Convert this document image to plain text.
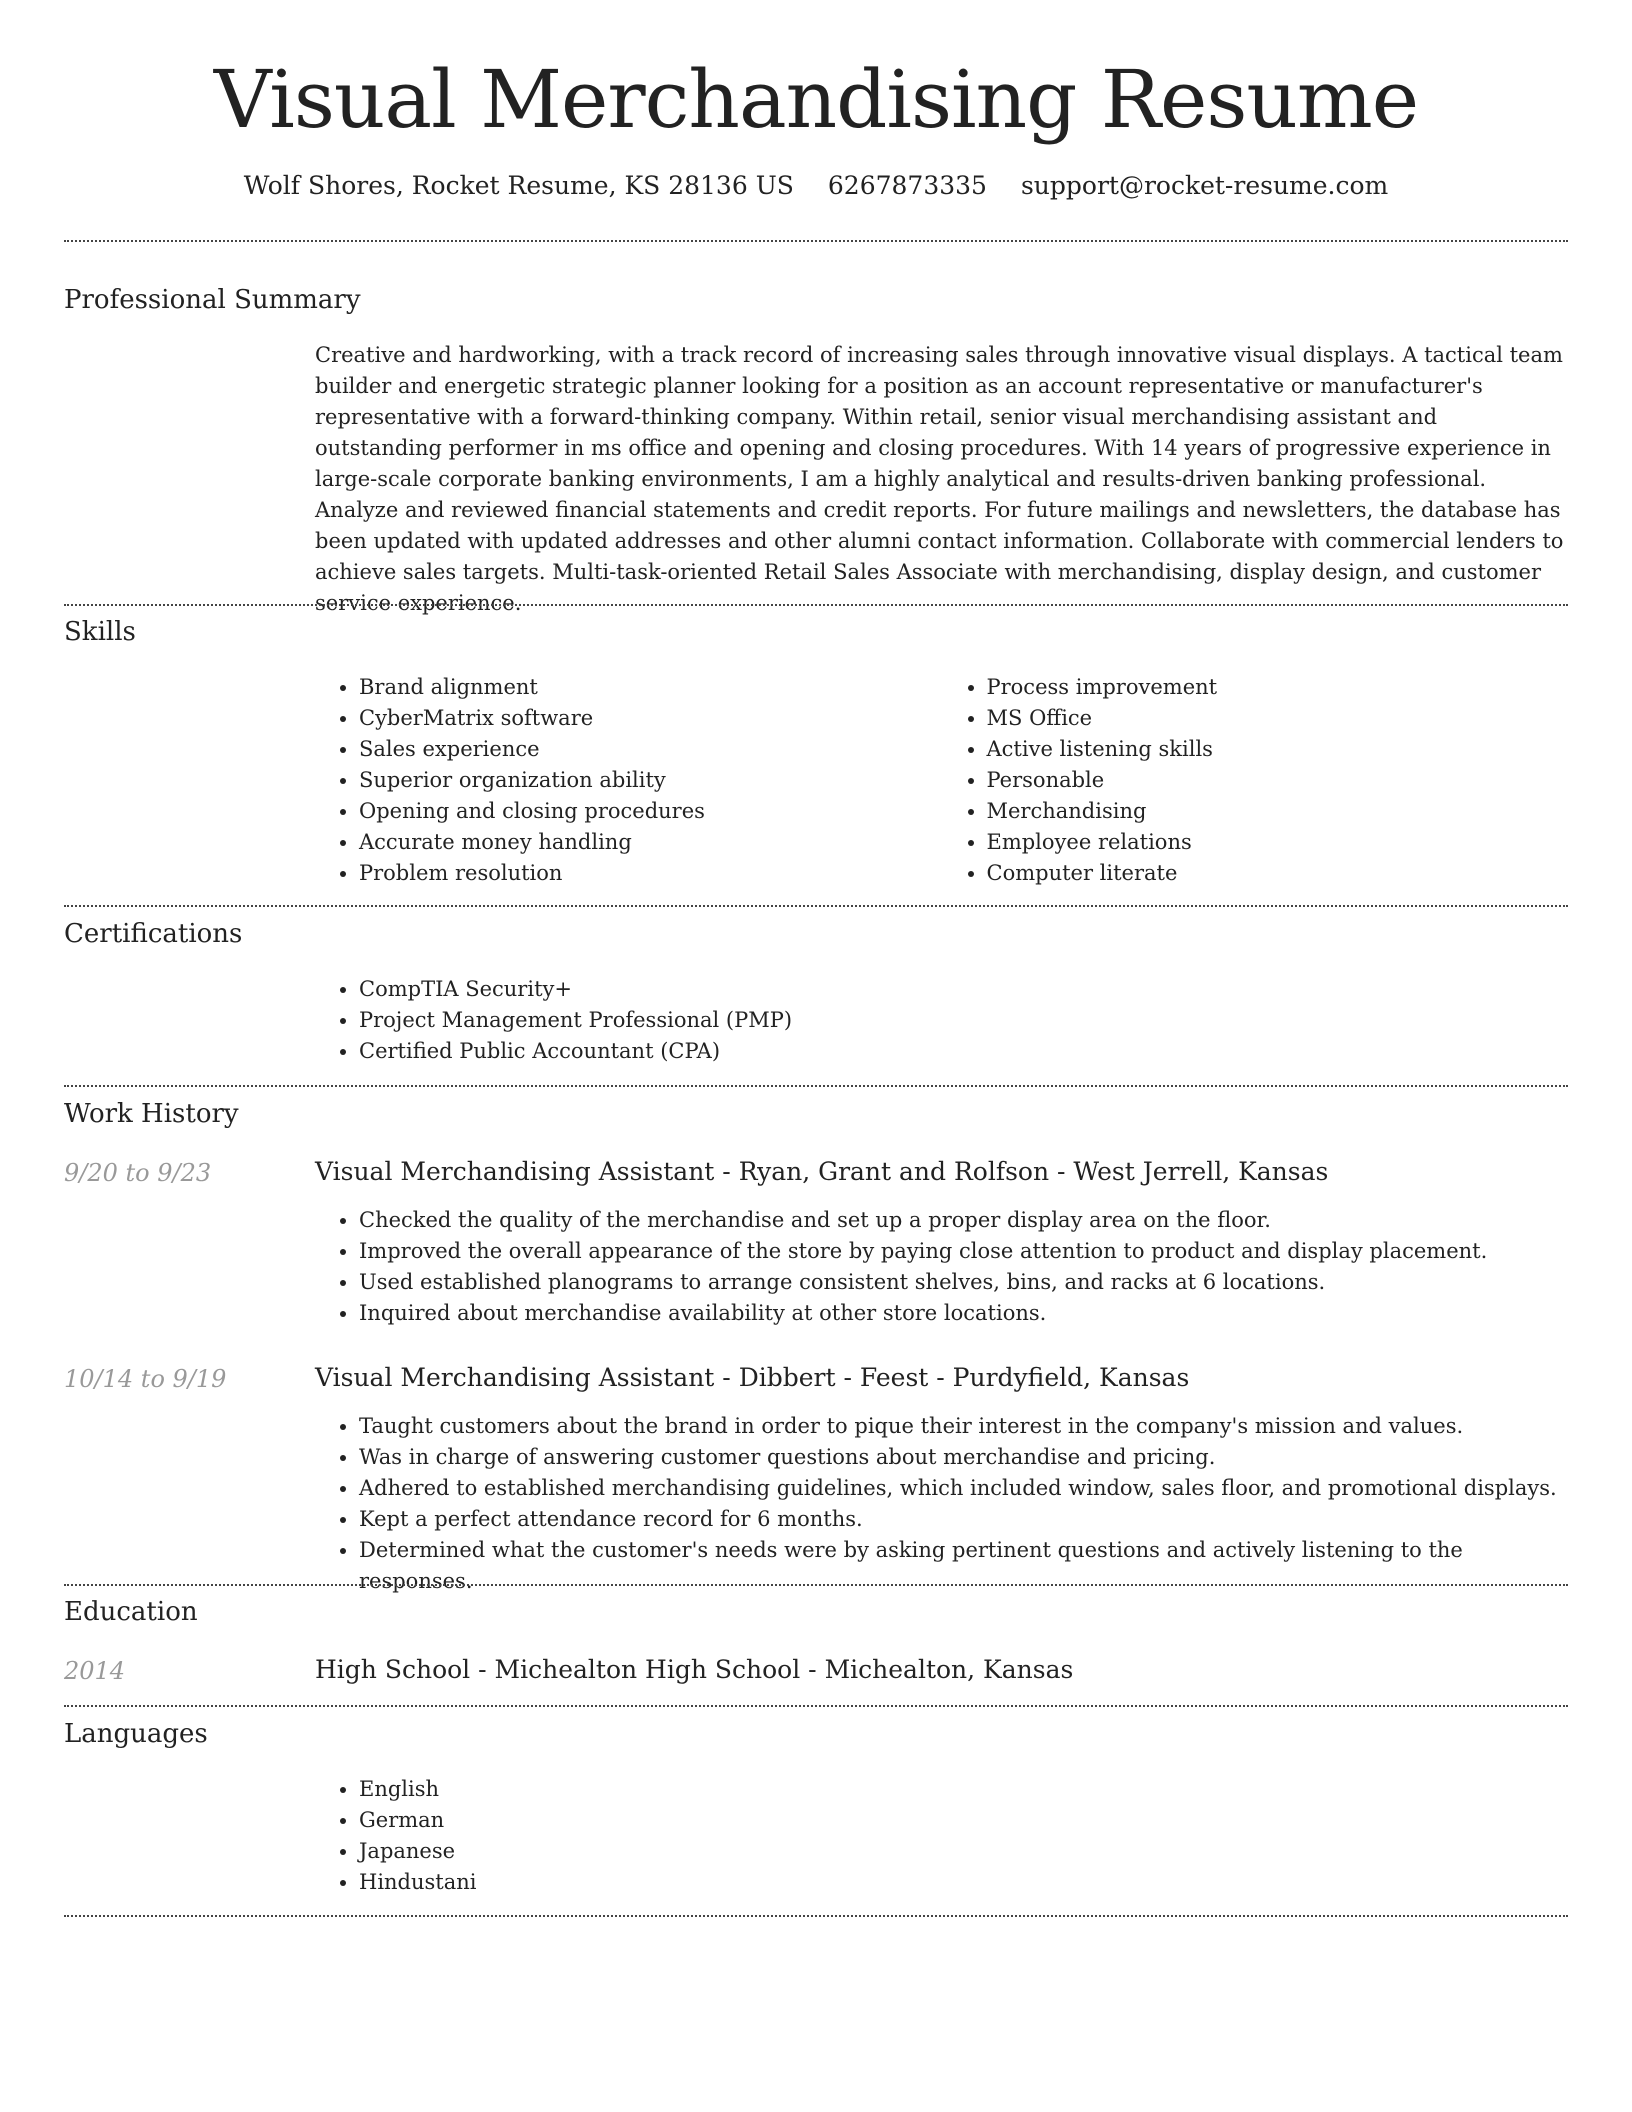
Visual Merchandising Resume
Wolf Shores, Rocket Resume, KS 28136 US 6267873335 support@rocket-resume.com
Professional Summary

Creative and hardworking, with a track record of increasing sales through innovative visual displays. A tactical team builder and energetic strategic planner looking for a position as an account representative or manufacturer's representative with a forward-thinking company. Within retail, senior visual merchandising assistant and outstanding performer in ms office and opening and closing procedures. With 14 years of progressive experience in large-scale corporate banking environments, I am a highly analytical and results-driven banking professional. Analyze and reviewed financial statements and credit reports. For future mailings and newsletters, the database has been updated with updated addresses and other alumni contact information. Collaborate with commercial lenders to achieve sales targets. Multi-task-oriented Retail Sales Associate with merchandising, display design, and customer service experience.

Skills
• Brand alignment
• CyberMatrix software
• Sales experience
• Superior organization ability
• Opening and closing procedures
• Accurate money handling
• Problem resolution
• Process improvement
• MS Office
• Active listening skills
• Personable
• Merchandising
• Employee relations
• Computer literate
Certifications
• CompTIA Security+
• Project Management Professional (PMP)
• Certified Public Accountant (CPA)
Work History
9/20 to 9/23	Visual Merchandising Assistant - Ryan, Grant and Rolfson - West Jerrell, Kansas
• Checked the quality of the merchandise and set up a proper display area on the floor.
• Improved the overall appearance of the store by paying close attention to product and display placement.
• Used established planograms to arrange consistent shelves, bins, and racks at 6 locations.
• Inquired about merchandise availability at other store locations.
10/14 to 9/19	Visual Merchandising Assistant - Dibbert - Feest - Purdyfield, Kansas
• Taught customers about the brand in order to pique their interest in the company's mission and values.
• Was in charge of answering customer questions about merchandise and pricing.
• Adhered to established merchandising guidelines, which included window, sales floor, and promotional displays.
• Kept a perfect attendance record for 6 months.
• Determined what the customer's needs were by asking pertinent questions and actively listening to the responses.
Education
2014	High School - Michealton High School - Michealton, Kansas
Languages
• English
• German
• Japanese
• Hindustani
